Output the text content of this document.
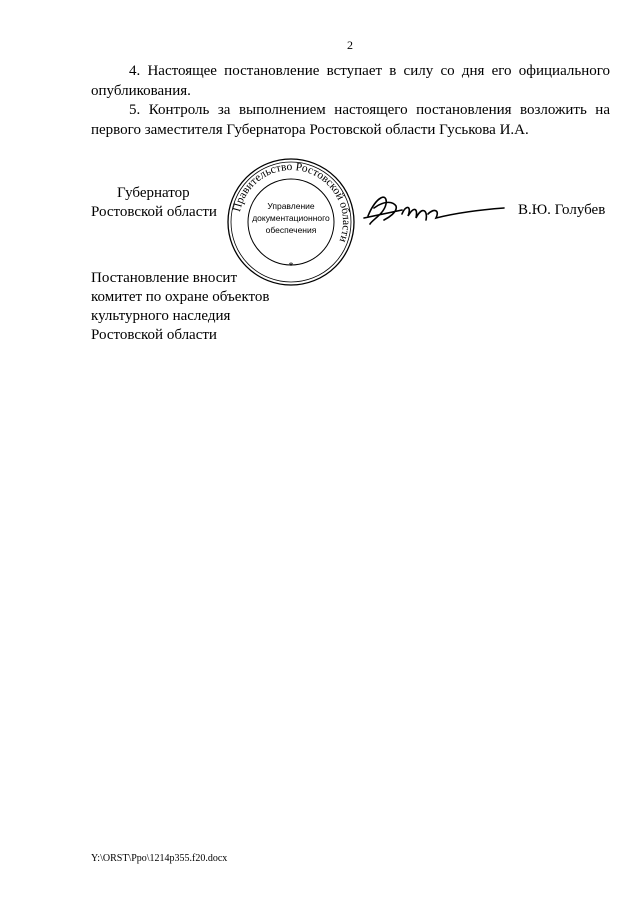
2
4. Настоящее постановление вступает в силу со дня его официального опубликования.
5. Контроль за выполнением настоящего постановления возложить на первого заместителя Губернатора Ростовской области Гуськова И.А.
Губернатор
Ростовской области Правительство Ростовской области
*
Управление
документационного
обеспечения
В.Ю. Голубев
Постановление вносит
комитет по охране объектов
культурного наследия
Ростовской области
Y:\ORST\Ppo\1214p355.f20.docx
